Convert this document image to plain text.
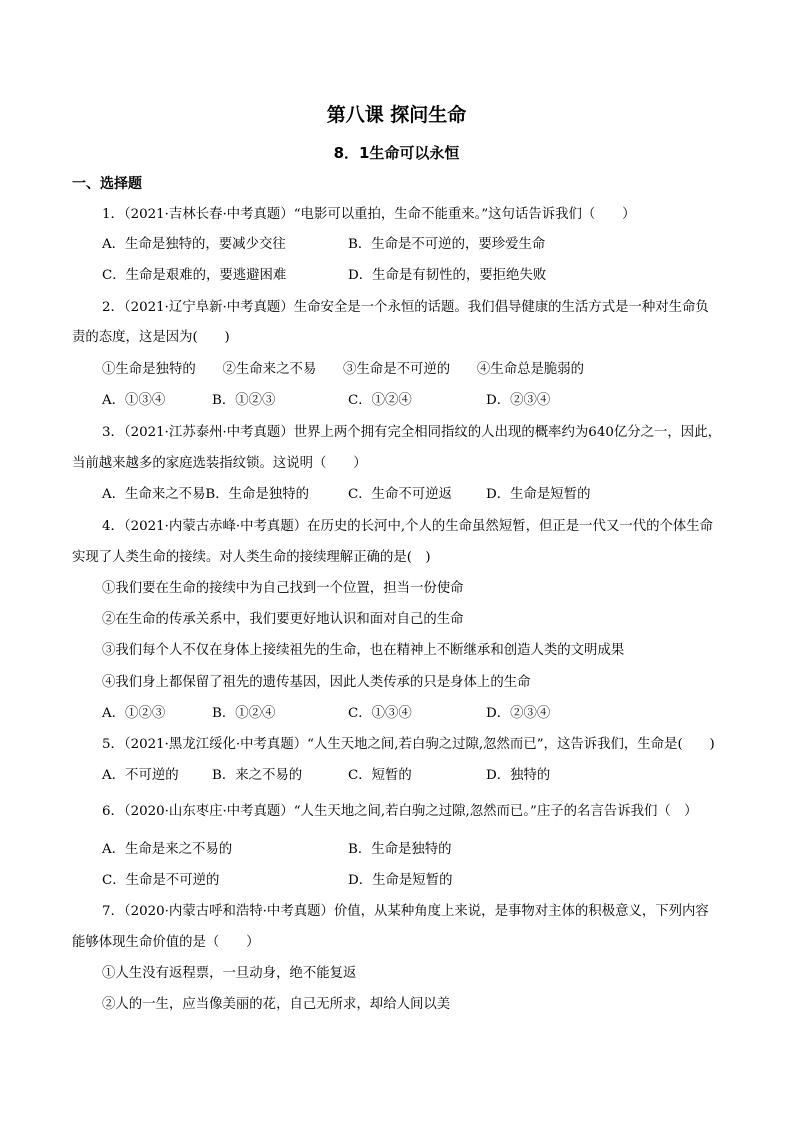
第八课 探问生命
8．1生命可以永恒
一、选择题
1．（2021·吉林长春·中考真题）“电影可以重拍，生命不能重来。”这句话告诉我们（　　）
A．生命是独特的，要减少交往	B．生命是不可逆的，要珍爱生命
C．生命是艰难的，要逃避困难	D．生命是有韧性的，要拒绝失败
2．（2021·辽宁阜新·中考真题）生命安全是一个永恒的话题。我们倡导健康的生活方式是一种对生命负
责的态度，这是因为(　　)
①生命是独特的　　②生命来之不易　　③生命是不可逆的　　④生命总是脆弱的
A．①③④	B．①②③	C．①②④	D．②③④
3．（2021·江苏泰州·中考真题）世界上两个拥有完全相同指纹的人出现的概率约为640亿分之一，因此，
当前越来越多的家庭选装指纹锁。这说明（　　）
A．生命来之不易B．生命是独特的	C．生命不可逆返	D．生命是短暂的
4．（2021·内蒙古赤峰·中考真题）在历史的长河中,个人的生命虽然短暂，但正是一代又一代的个体生命
实现了人类生命的接续。对人类生命的接续理解正确的是(　)
①我们要在生命的接续中为自己找到一个位置，担当一份使命
②在生命的传承关系中，我们要更好地认识和面对自己的生命
③我们每个人不仅在身体上接续祖先的生命，也在精神上不断继承和创造人类的文明成果
④我们身上都保留了祖先的遗传基因，因此人类传承的只是身体上的生命
A．①②③	B．①②④	C．①③④	D．②③④
5．（2021·黑龙江绥化·中考真题）“人生天地之间,若白驹之过隙,忽然而已”，这告诉我们，生命是(　　)
A．不可逆的 B．来之不易的	C．短暂的	D．独特的
6．（2020·山东枣庄·中考真题）“人生天地之间,若白驹之过隙,忽然而已。”庄子的名言告诉我们（　）
A．生命是来之不易的	B．生命是独特的
C．生命是不可逆的	D．生命是短暂的
7．（2020·内蒙古呼和浩特·中考真题）价值，从某种角度上来说，是事物对主体的积极意义，下列内容
能够体现生命价值的是（　　）
①人生没有返程票，一旦动身，绝不能复返
②人的一生，应当像美丽的花，自己无所求，却给人间以美
